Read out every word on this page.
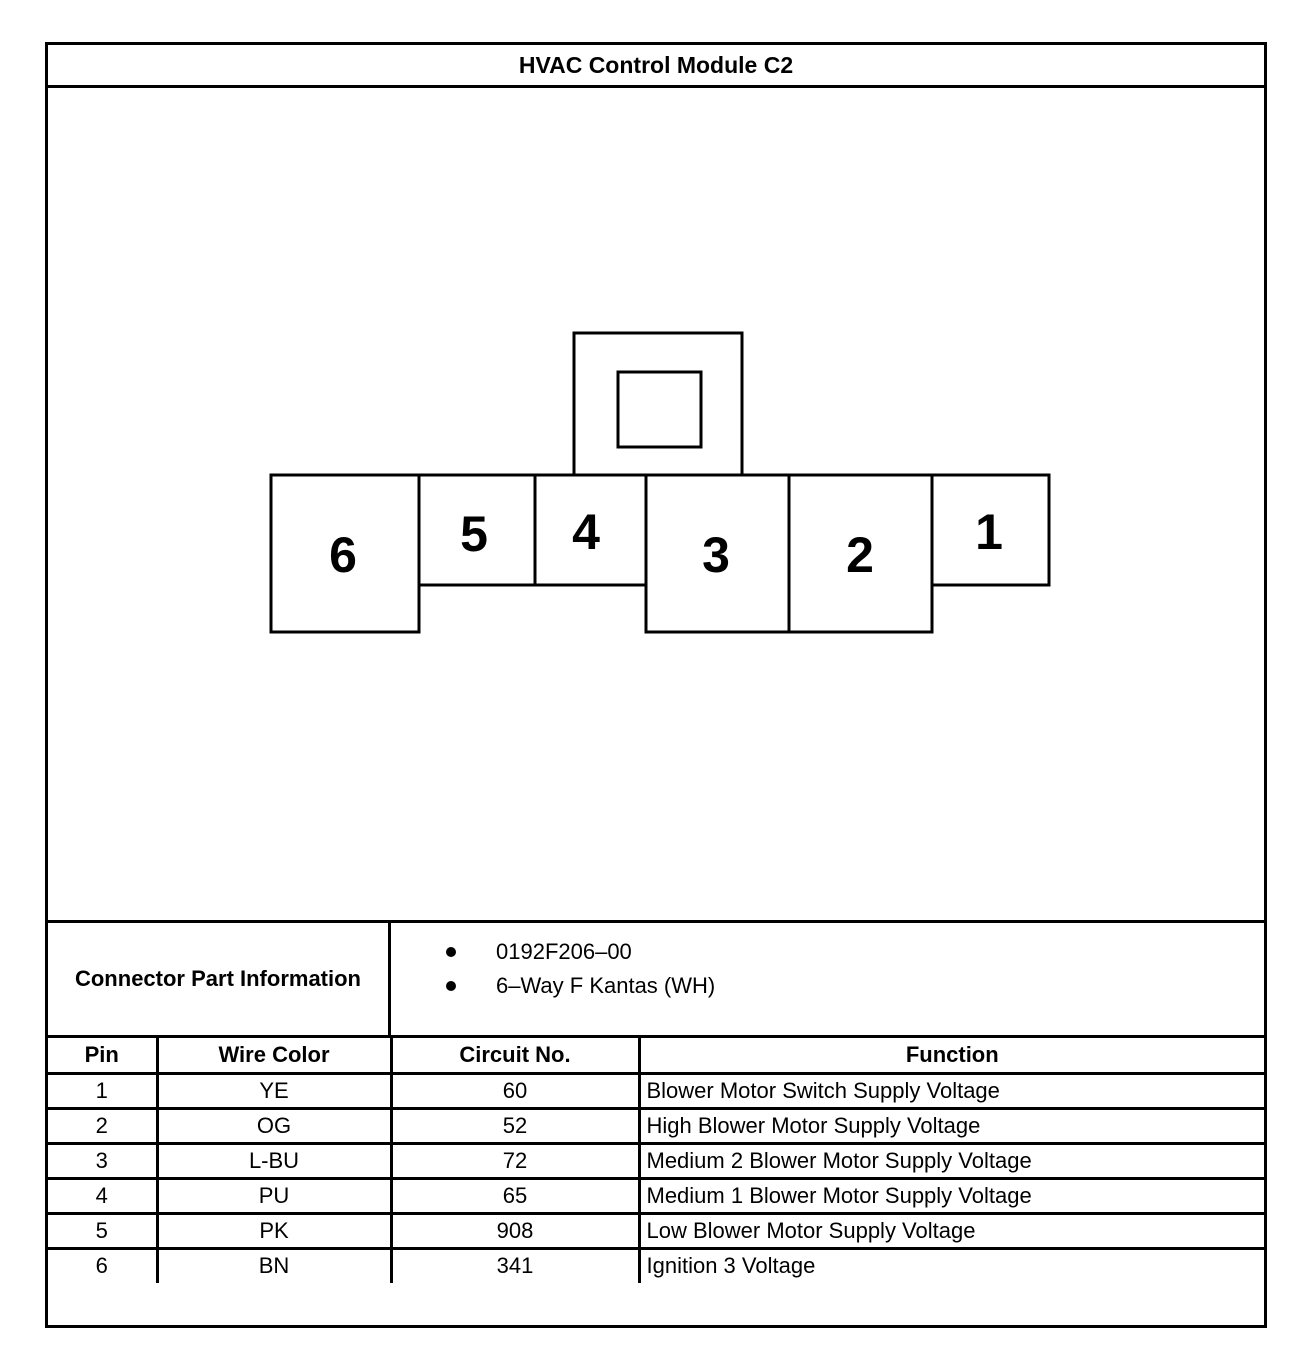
HVAC Control Module C2
6 5 4 3 2 1
Connector Part Information
0192F206–00
6–Way F Kantas (WH)
Pin	Wire Color	Circuit No.	Function
1	YE	60	Blower Motor Switch Supply Voltage
2	OG	52	High Blower Motor Supply Voltage
3	L-BU	72	Medium 2 Blower Motor Supply Voltage
4	PU	65	Medium 1 Blower Motor Supply Voltage
5	PK	908	Low Blower Motor Supply Voltage
6	BN	341	Ignition 3 Voltage
